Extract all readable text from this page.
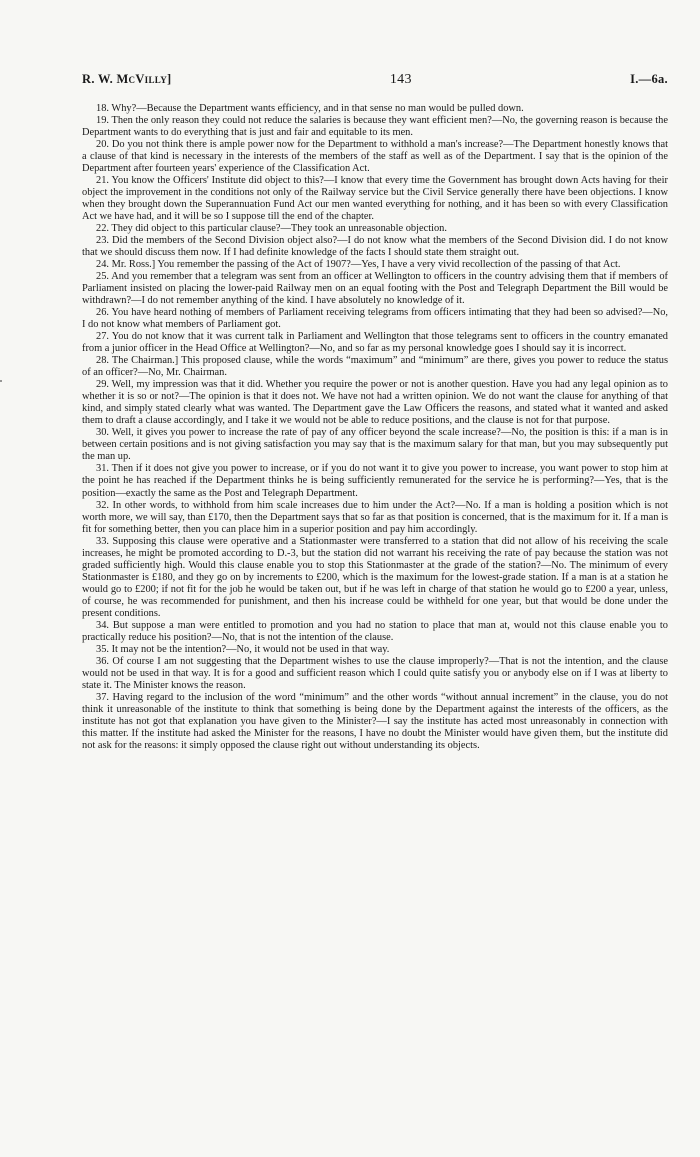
R. W. McVilly]	143	I.—6a.

18. Why?—Because the Department wants efficiency, and in that sense no man would be pulled down.

19. Then the only reason they could not reduce the salaries is because they want efficient men?—No, the governing reason is because the Department wants to do everything that is just and fair and equitable to its men.

20. Do you not think there is ample power now for the Department to withhold a man's increase?—The Department honestly knows that a clause of that kind is necessary in the interests of the members of the staff as well as of the Department. I say that is the opinion of the Department after fourteen years' experience of the Classification Act.

21. You know the Officers' Institute did object to this?—I know that every time the Government has brought down Acts having for their object the improvement in the conditions not only of the Railway service but the Civil Service generally there have been objections. I know when they brought down the Superannuation Fund Act our men wanted everything for nothing, and it has been so with every Classification Act we have had, and it will be so I suppose till the end of the chapter.

22. They did object to this particular clause?—They took an unreasonable objection.

23. Did the members of the Second Division object also?—I do not know what the members of the Second Division did. I do not know that we should discuss them now. If I had definite knowledge of the facts I should state them straight out.

24. Mr. Ross.] You remember the passing of the Act of 1907?—Yes, I have a very vivid recollection of the passing of that Act.

25. And you remember that a telegram was sent from an officer at Wellington to officers in the country advising them that if members of Parliament insisted on placing the lower-paid Railway men on an equal footing with the Post and Telegraph Department the Bill would be withdrawn?—I do not remember anything of the kind. I have absolutely no knowledge of it.

26. You have heard nothing of members of Parliament receiving telegrams from officers intimating that they had been so advised?—No, I do not know what members of Parliament got.

27. You do not know that it was current talk in Parliament and Wellington that those telegrams sent to officers in the country emanated from a junior officer in the Head Office at Wellington?—No, and so far as my personal knowledge goes I should say it is incorrect.

28. The Chairman.] This proposed clause, while the words “maximum” and “minimum” are there, gives you power to reduce the status of an officer?—No, Mr. Chairman.

29. Well, my impression was that it did. Whether you require the power or not is another question. Have you had any legal opinion as to whether it is so or not?—The opinion is that it does not. We have not had a written opinion. We do not want the clause for anything of that kind, and simply stated clearly what was wanted. The Department gave the Law Officers the reasons, and stated what it wanted and asked them to draft a clause accordingly, and I take it we would not be able to reduce positions, and the clause is not for that purpose.

30. Well, it gives you power to increase the rate of pay of any officer beyond the scale increase?—No, the position is this: if a man is in between certain positions and is not giving satisfaction you may say that is the maximum salary for that man, but you may subsequently put the man up.

31. Then if it does not give you power to increase, or if you do not want it to give you power to increase, you want power to stop him at the point he has reached if the Department thinks he is being sufficiently remunerated for the service he is performing?—Yes, that is the position—exactly the same as the Post and Telegraph Department.

32. In other words, to withhold from him scale increases due to him under the Act?—No. If a man is holding a position which is not worth more, we will say, than £170, then the Department says that so far as that position is concerned, that is the maximum for it. If a man is fit for something better, then you can place him in a superior position and pay him accordingly.

33. Supposing this clause were operative and a Stationmaster were transferred to a station that did not allow of his receiving the scale increases, he might be promoted according to D.-3, but the station did not warrant his receiving the rate of pay because the station was not graded sufficiently high. Would this clause enable you to stop this Stationmaster at the grade of the station?—No. The minimum of every Stationmaster is £180, and they go on by increments to £200, which is the maximum for the lowest-grade station. If a man is at a station he would go to £200; if not fit for the job he would be taken out, but if he was left in charge of that station he would go to £200 a year, unless, of course, he was recommended for punishment, and then his increase could be withheld for one year, but that would be done under the present conditions.

34. But suppose a man were entitled to promotion and you had no station to place that man at, would not this clause enable you to practically reduce his position?—No, that is not the intention of the clause.

35. It may not be the intention?—No, it would not be used in that way.

36. Of course I am not suggesting that the Department wishes to use the clause improperly?—That is not the intention, and the clause would not be used in that way. It is for a good and sufficient reason which I could quite satisfy you or anybody else on if I was at liberty to state it. The Minister knows the reason.

37. Having regard to the inclusion of the word “minimum” and the other words “without annual increment” in the clause, you do not think it unreasonable of the institute to think that something is being done by the Department against the interests of the officers, as the institute has not got that explanation you have given to the Minister?—I say the institute has acted most unreasonably in connection with this matter. If the institute had asked the Minister for the reasons, I have no doubt the Minister would have given them, but the institute did not ask for the reasons: it simply opposed the clause right out without understanding its objects.
